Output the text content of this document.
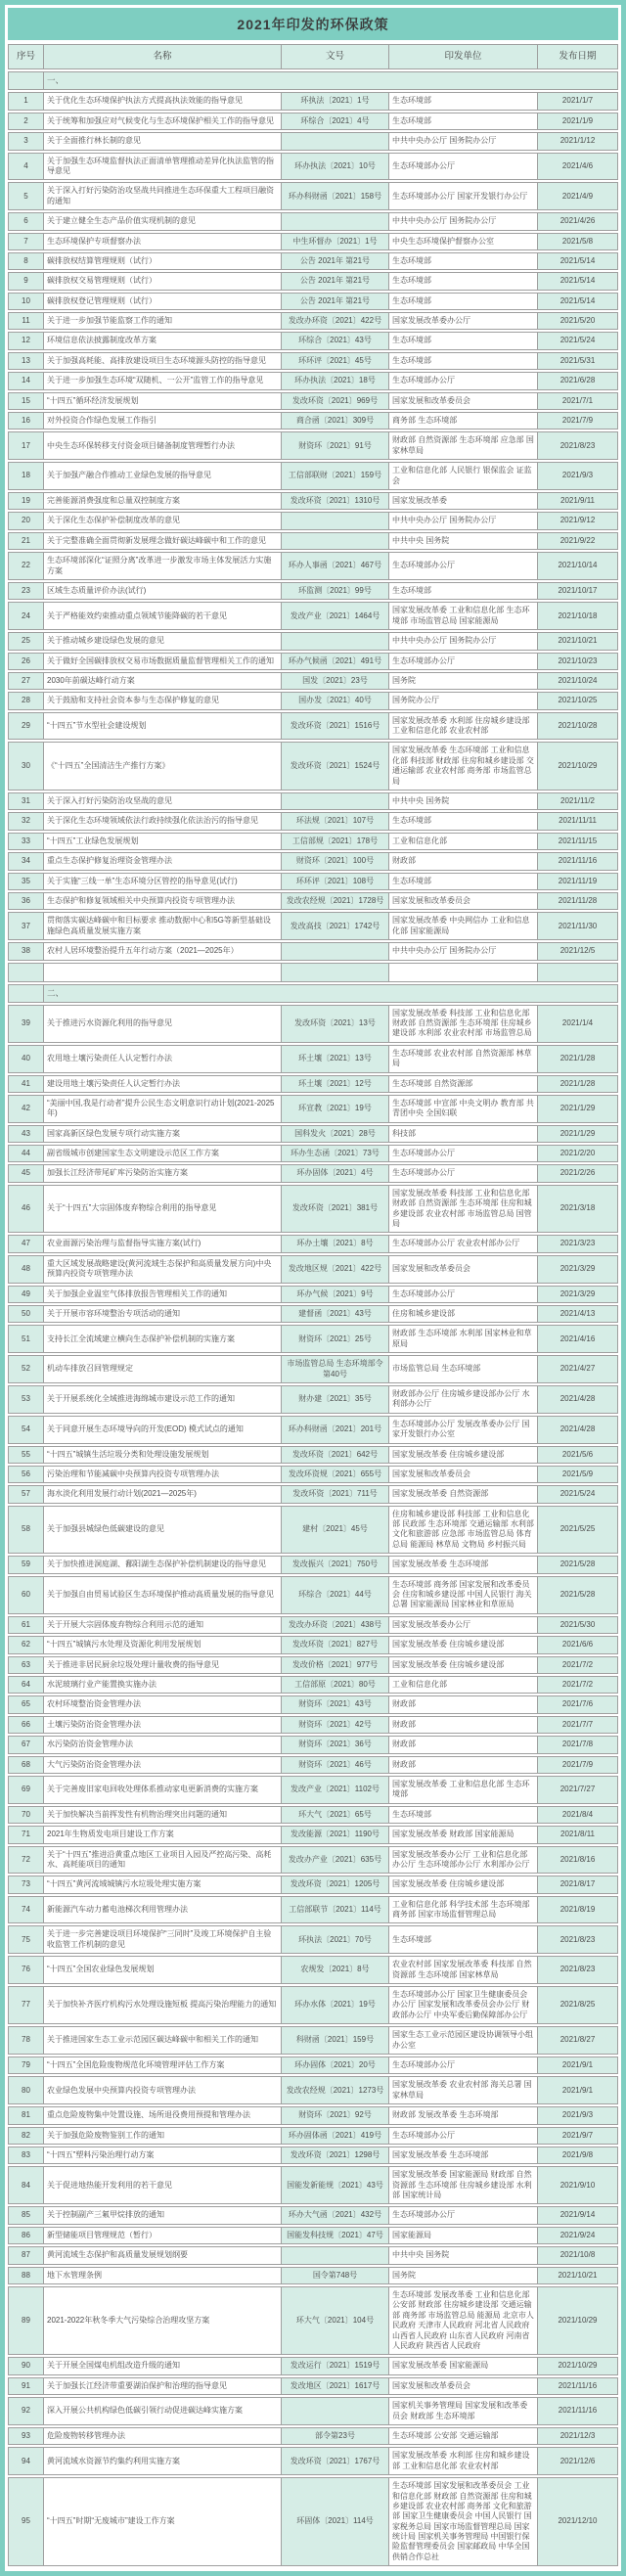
2021年印发的环保政策
序号	名称	文号	印发单位	发布日期
	一、			
1	关于优化生态环境保护执法方式提高执法效能的指导意见	环执法〔2021〕1号	生态环境部	2021/1/7
2	关于统筹和加强应对气候变化与生态环境保护相关工作的指导意见	环综合〔2021〕4号	生态环境部	2021/1/9
3	关于全面推行林长制的意见		中共中央办公厅 国务院办公厅	2021/1/12
4	关于加强生态环境监督执法正面清单管理推动差异化执法监管的指导意见	环办执法〔2021〕10号	生态环境部办公厅	2021/4/6
5	关于深入打好污染防治攻坚战共同推进生态环保重大工程项目融资的通知	环办科财函〔2021〕158号	生态环境部办公厅 国家开发银行办公厅	2021/4/9
6	关于建立健全生态产品价值实现机制的意见		中共中央办公厅 国务院办公厅	2021/4/26
7	生态环境保护专项督察办法	中生环督办〔2021〕1号	中央生态环境保护督察办公室	2021/5/8
8	碳排放权结算管理规则（试行）	公告 2021年 第21号	生态环境部	2021/5/14
9	碳排放权交易管理规则（试行）	公告 2021年 第21号	生态环境部	2021/5/14
10	碳排放权登记管理规则（试行）	公告 2021年 第21号	生态环境部	2021/5/14
11	关于进一步加强节能监察工作的通知	发改办环资〔2021〕422号	国家发展改革委办公厅	2021/5/20
12	环境信息依法披露制度改革方案	环综合〔2021〕43号	生态环境部	2021/5/24
13	关于加强高耗能、高排放建设项目生态环境源头防控的指导意见	环环评〔2021〕45号	生态环境部	2021/5/31
14	关于进一步加强生态环境“双随机、一公开”监管工作的指导意见	环办执法〔2021〕18号	生态环境部办公厅	2021/6/28
15	“十四五”循环经济发展规划	发改环资〔2021〕969号	国家发展和改革委员会	2021/7/1
16	对外投资合作绿色发展工作指引	商合函〔2021〕309号	商务部 生态环境部	2021/7/9
17	中央生态环保转移支付资金项目储备制度管理暂行办法	财资环〔2021〕91号	财政部 自然资源部 生态环境部 应急部 国家林草局	2021/8/23
18	关于加强产融合作推动工业绿色发展的指导意见	工信部联财〔2021〕159号	工业和信息化部 人民银行 银保监会 证监会	2021/9/3
19	完善能源消费强度和总量双控制度方案	发改环资〔2021〕1310号	国家发展改革委	2021/9/11
20	关于深化生态保护补偿制度改革的意见		中共中央办公厅 国务院办公厅	2021/9/12
21	关于完整准确全面贯彻新发展理念做好碳达峰碳中和工作的意见		中共中央 国务院	2021/9/22
22	生态环境部深化“证照分离”改革进一步激发市场主体发展活力实施方案	环办人事函〔2021〕467号	生态环境部办公厅	2021/10/14
23	区域生态质量评价办法(试行)	环监测〔2021〕99号	生态环境部	2021/10/17
24	关于严格能效约束推动重点领域节能降碳的若干意见	发改产业〔2021〕1464号	国家发展改革委 工业和信息化部 生态环境部 市场监管总局 国家能源局	2021/10/18
25	关于推动城乡建设绿色发展的意见		中共中央办公厅 国务院办公厅	2021/10/21
26	关于做好全国碳排放权交易市场数据质量监督管理相关工作的通知	环办气候函〔2021〕491号	生态环境部办公厅	2021/10/23
27	2030年前碳达峰行动方案	国发〔2021〕23号	国务院	2021/10/24
28	关于鼓励和支持社会资本参与生态保护修复的意见	国办发〔2021〕40号	国务院办公厅	2021/10/25
29	“十四五”节水型社会建设规划	发改环资〔2021〕1516号	国家发展改革委 水利部 住房城乡建设部 工业和信息化部 农业农村部	2021/10/28
30	《“十四五”全国清洁生产推行方案》	发改环资〔2021〕1524号	国家发展改革委 生态环境部 工业和信息化部 科技部 财政部 住房和城乡建设部 交通运输部 农业农村部 商务部 市场监管总局	2021/10/29
31	关于深入打好污染防治攻坚战的意见		中共中央 国务院	2021/11/2
32	关于深化生态环境领域依法行政持续强化依法治污的指导意见	环法规〔2021〕107号	生态环境部	2021/11/11
33	“十四五”工业绿色发展规划	工信部规〔2021〕178号	工业和信息化部	2021/11/15
34	重点生态保护修复治理资金管理办法	财资环〔2021〕100号	财政部	2021/11/16
35	关于实施“三线一单”生态环境分区管控的指导意见(试行)	环环评〔2021〕108号	生态环境部	2021/11/19
36	生态保护和修复领域相关中央预算内投资专项管理办法	发改农经规〔2021〕1728号	国家发展和改革委员会	2021/11/28
37	贯彻落实碳达峰碳中和目标要求 推动数据中心和5G等新型基础设施绿色高质量发展实施方案	发改高技〔2021〕1742号	国家发展改革委 中央网信办 工业和信息化部 国家能源局	2021/11/30
38	农村人居环境整治提升五年行动方案（2021—2025年）		中共中央办公厅 国务院办公厅	2021/12/5

	二、			
39	关于推进污水资源化利用的指导意见	发改环资〔2021〕13号	国家发展改革委 科技部 工业和信息化部 财政部 自然资源部 生态环境部 住房城乡建设部 水利部 农业农村部 市场监管总局	2021/1/4
40	农用地土壤污染责任人认定暂行办法	环土壤〔2021〕13号	生态环境部 农业农村部 自然资源部 林草局	2021/1/28
41	建设用地土壤污染责任人认定暂行办法	环土壤〔2021〕12号	生态环境部 自然资源部	2021/1/28
42	“美丽中国,我是行动者”提升公民生态文明意识行动计划(2021-2025年)	环宣教〔2021〕19号	生态环境部 中宣部 中央文明办 教育部 共青团中央 全国妇联	2021/1/29
43	国家高新区绿色发展专项行动实施方案	国科发火〔2021〕28号	科技部	2021/1/29
44	副省级城市创建国家生态文明建设示范区工作方案	环办生态函〔2021〕73号	生态环境部办公厅	2021/2/20
45	加强长江经济带尾矿库污染防治实施方案	环办固体〔2021〕4号	生态环境部办公厅	2021/2/26
46	关于“十四五”大宗固体废弃物综合利用的指导意见	发改环资〔2021〕381号	国家发展改革委 科技部 工业和信息化部 财政部 自然资源部 生态环境部 住房和城乡建设部 农业农村部 市场监管总局 国管局	2021/3/18
47	农业面源污染治理与监督指导实施方案(试行)	环办土壤〔2021〕8号	生态环境部办公厅 农业农村部办公厅	2021/3/23
48	重大区域发展战略建设(黄河流域生态保护和高质量发展方向)中央预算内投资专项管理办法	发改地区规〔2021〕422号	国家发展和改革委员会	2021/3/29
49	关于加强企业温室气体排放报告管理相关工作的通知	环办气候〔2021〕9号	生态环境部办公厅	2021/3/29
50	关于开展市容环境整治专项活动的通知	建督函〔2021〕43号	住房和城乡建设部	2021/4/13
51	支持长江全流域建立横向生态保护补偿机制的实施方案	财资环〔2021〕25号	财政部 生态环境部 水利部 国家林业和草原局	2021/4/16
52	机动车排放召回管理规定	市场监管总局 生态环境部令第40号	市场监管总局 生态环境部	2021/4/27
53	关于开展系统化全域推进海绵城市建设示范工作的通知	财办建〔2021〕35号	财政部办公厅 住房城乡建设部办公厅 水利部办公厅	2021/4/28
54	关于同意开展生态环境导向的开发(EOD) 模式试点的通知	环办科财函〔2021〕201号	生态环境部办公厅 发展改革委办公厅 国家开发银行办公室	2021/4/28
55	“十四五”城镇生活垃圾分类和处理设施发展规划	发改环资〔2021〕642号	国家发展改革委 住房城乡建设部	2021/5/6
56	污染治理和节能减碳中央预算内投资专项管理办法	发改环资规〔2021〕655号	国家发展和改革委员会	2021/5/9
57	海水淡化利用发展行动计划(2021—2025年)	发改环资〔2021〕711号	国家发展改革委 自然资源部	2021/5/24
58	关于加强县城绿色低碳建设的意见	建村〔2021〕45号	住房和城乡建设部 科技部 工业和信息化部 民政部 生态环境部 交通运输部 水利部 文化和旅游部 应急部 市场监管总局 体育总局 能源局 林草局 文物局 乡村振兴局	2021/5/25
59	关于加快推进洞庭湖、鄱阳湖生态保护补偿机制建设的指导意见	发改振兴〔2021〕750号	国家发展改革委 生态环境部	2021/5/28
60	关于加强自由贸易试验区生态环境保护推动高质量发展的指导意见	环综合〔2021〕44号	生态环境部 商务部 国家发展和改革委员会 住房和城乡建设部 中国人民银行 海关总署 国家能源局 国家林业和草原局	2021/5/28
61	关于开展大宗固体废弃物综合利用示范的通知	发改办环资〔2021〕438号	国家发展改革委办公厅	2021/5/30
62	“十四五”城镇污水处理及资源化利用发展规划	发改环资〔2021〕827号	国家发展改革委 住房城乡建设部	2021/6/6
63	关于推进非居民厨余垃圾处理计量收费的指导意见	发改价格〔2021〕977号	国家发展改革委 住房城乡建设部	2021/7/2
64	水泥玻璃行业产能置换实施办法	工信部原〔2021〕80号	工业和信息化部	2021/7/2
65	农村环境整治资金管理办法	财资环〔2021〕43号	财政部	2021/7/6
66	土壤污染防治资金管理办法	财资环〔2021〕42号	财政部	2021/7/7
67	水污染防治资金管理办法	财资环〔2021〕36号	财政部	2021/7/8
68	大气污染防治资金管理办法	财资环〔2021〕46号	财政部	2021/7/9
69	关于完善废旧家电回收处理体系推动家电更新消费的实施方案	发改产业〔2021〕1102号	国家发展改革委 工业和信息化部 生态环境部	2021/7/27
70	关于加快解决当前挥发性有机物治理突出问题的通知	环大气〔2021〕65号	生态环境部	2021/8/4
71	2021年生物质发电项目建设工作方案	发改能源〔2021〕1190号	国家发展改革委 财政部 国家能源局	2021/8/11
72	关于“十四五”推进沿黄重点地区工业项目入园及严控高污染、高耗水、高耗能项目的通知	发改办产业〔2021〕635号	国家发展改革委办公厅 工业和信息化部办公厅 生态环境部办公厅 水利部办公厅	2021/8/16
73	“十四五”黄河流域城镇污水垃圾处理实施方案	发改环资〔2021〕1205号	国家发展改革委 住房城乡建设部	2021/8/17
74	新能源汽车动力蓄电池梯次利用管理办法	工信部联节〔2021〕114号	工业和信息化部 科学技术部 生态环境部 商务部 国家市场监督管理总局	2021/8/19
75	关于进一步完善建设项目环境保护“三同时”及竣工环境保护自主验收监管工作机制的意见	环执法〔2021〕70号	生态环境部	2021/8/23
76	“十四五”全国农业绿色发展规划	农规发〔2021〕8号	农业农村部 国家发展改革委 科技部 自然资源部 生态环境部 国家林草局	2021/8/23
77	关于加快补齐医疗机构污水处理设施短板 提高污染治理能力的通知	环办水体〔2021〕19号	生态环境部办公厅 国家卫生健康委员会办公厅 国家发展和改革委员会办公厅 财政部办公厅 中央军委后勤保障部办公厅	2021/8/25
78	关于推进国家生态工业示范园区碳达峰碳中和相关工作的通知	科财函〔2021〕159号	国家生态工业示范园区建设协调领导小组办公室	2021/8/27
79	“十四五”全国危险废物规范化环境管理评估工作方案	环办固体〔2021〕20号	生态环境部办公厅	2021/9/1
80	农业绿色发展中央预算内投资专项管理办法	发改农经规〔2021〕1273号	国家发展改革委 农业农村部 海关总署 国家林草局	2021/9/1
81	重点危险废物集中处置设施、场所退役费用预提和管理办法	财资环〔2021〕92号	财政部 发展改革委 生态环境部	2021/9/3
82	关于加强危险废物鉴别工作的通知	环办固体函〔2021〕419号	生态环境部办公厅	2021/9/7
83	“十四五”塑料污染治理行动方案	发改环资〔2021〕1298号	国家发展改革委 生态环境部	2021/9/8
84	关于促进地热能开发利用的若干意见	国能发新能规〔2021〕43号	国家发展改革委 国家能源局 财政部 自然资源部 生态环境部 住房城乡建设部 水利部 国家统计局	2021/9/10
85	关于控制副产三氟甲烷排放的通知	环办大气函〔2021〕432号	生态环境部办公厅	2021/9/14
86	新型储能项目管理规范（暂行）	国能发科技规〔2021〕47号	国家能源局	2021/9/24
87	黄河流域生态保护和高质量发展规划纲要		中共中央 国务院	2021/10/8
88	地下水管理条例	国令第748号	国务院	2021/10/21
89	2021-2022年秋冬季大气污染综合治理攻坚方案	环大气〔2021〕104号	生态环境部 发展改革委 工业和信息化部 公安部 财政部 住房城乡建设部 交通运输部 商务部 市场监管总局 能源局 北京市人民政府 天津市人民政府 河北省人民政府 山西省人民政府 山东省人民政府 河南省人民政府 陕西省人民政府	2021/10/29
90	关于开展全国煤电机组改造升级的通知	发改运行〔2021〕1519号	国家发展改革委 国家能源局	2021/10/29
91	关于加强长江经济带重要湖泊保护和治理的指导意见	发改地区〔2021〕1617号	国家发展和改革委员会	2021/11/16
92	深入开展公共机构绿色低碳引领行动促进碳达峰实施方案		国家机关事务管理局 国家发展和改革委员会 财政部 生态环境部	2021/11/16
93	危险废物转移管理办法	部令第23号	生态环境部 公安部 交通运输部	2021/12/3
94	黄河流域水资源节约集约利用实施方案	发改环资〔2021〕1767号	国家发展改革委 水利部 住房和城乡建设部 工业和信息化部 农业农村部	2021/12/6
95	“十四五”时期“无废城市”建设工作方案	环固体〔2021〕114号	生态环境部 国家发展和改革委员会 工业和信息化部 财政部 自然资源部 住房和城乡建设部 农业农村部 商务部 文化和旅游部 国家卫生健康委员会 中国人民银行 国家税务总局 国家市场监督管理总局 国家统计局 国家机关事务管理局 中国银行保险监督管理委员会 国家邮政局 中华全国供销合作总社	2021/12/10
